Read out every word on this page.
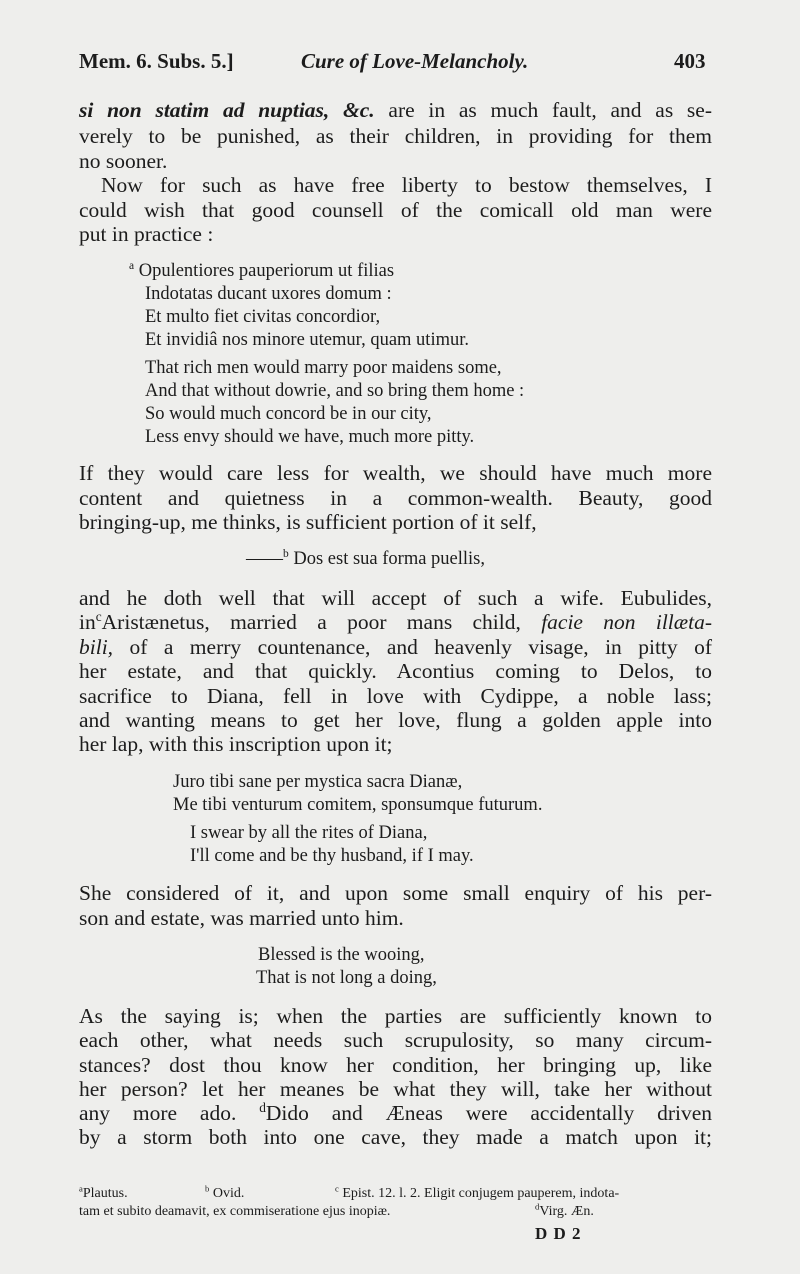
Mem. 6. Subs. 5.]	Cure of Love-Melancholy.	403
si non statim ad nuptias, &c. are in as much fault, and as se-
verely to be punished, as their children, in providing for them
no sooner.
Now for such as have free liberty to bestow themselves, I
could wish that good counsell of the comicall old man were
put in practice :
$^a$ Opulentiores pauperiorum ut filias
Indotatas ducant uxores domum :
Et multo fiet civitas concordior,
Et invidiâ nos minore utemur, quam utimur.
That rich men would marry poor maidens some,
And that without dowrie, and so bring them home :
So would much concord be in our city,
Less envy should we have, much more pitty.
If they would care less for wealth, we should have much more
content and quietness in a common-wealth. Beauty, good
bringing-up, me thinks, is sufficient portion of it self,
——$^b$ Dos est sua forma puellis,
and he doth well that will accept of such a wife. Eubulides,
$in^cAristænetus$, married a poor mans child, facie non illæta-
bili, of a merry countenance, and heavenly visage, in pitty of
her estate, and that quickly. Acontius coming to Delos, to
sacrifice to Diana, fell in love with Cydippe, a noble lass;
and wanting means to get her love, flung a golden apple into
her lap, with this inscription upon it;
Juro tibi sane per mystica sacra Dianæ,
Me tibi venturum comitem, sponsumque futurum.
I swear by all the rites of Diana,
I'll come and be thy husband, if I may.
She considered of it, and upon some small enquiry of his per-
son and estate, was married unto him.
Blessed is the wooing,
That is not long a doing,
As the saying is; when the parties are sufficiently known to
each other, what needs such scrupulosity, so many circum-
stances? dost thou know her condition, her bringing up, like
her person? let her meanes be what they will, take her without
any more ado. $^d$Dido and Æneas were accidentally driven
by a storm both into one cave, they made a match upon it;
$^a$Plautus.	$^b$ Ovid.	$^c$ Epist. 12. l. 2. Eligit conjugem pauperem, indota-
tam et subito deamavit, ex commiseratione ejus inopiæ.	$^d$Virg. Æn.
D D 2
